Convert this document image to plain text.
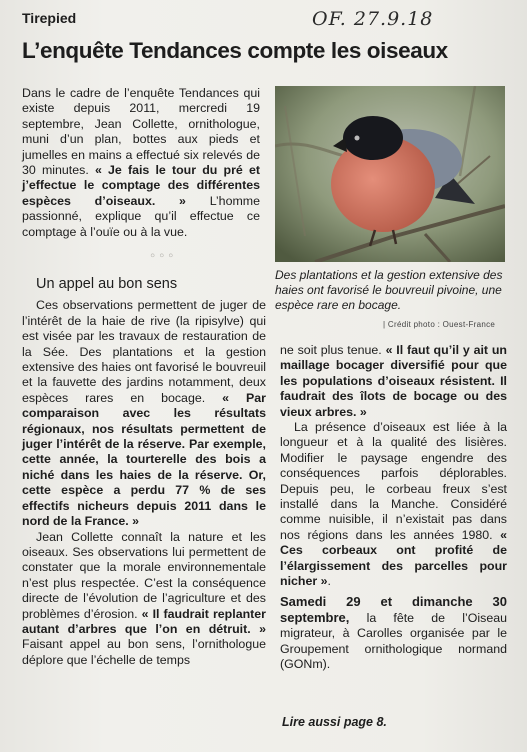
◦ ◦ ◦
Tirepied	OF. 27.9.18
L’enquête Tendances compte les oiseaux

Dans le cadre de l’enquête Tendances qui existe depuis 2011, mercredi 19 septembre, Jean Collette, ornithologue, muni d’un plan, bottes aux pieds et jumelles en mains a effectué six relevés de 30 minutes. « Je fais le tour du pré et j’effectue le comptage des différentes espèces d’oiseaux. » L’homme passionné, explique qu’il effectue ce comptage à l’ouïe ou à la vue.

Un appel au bon sens

Ces observations permettent de juger de l’intérêt de la haie de rive (la ripisylve) qui est visée par les travaux de restauration de la Sée. Des plantations et la gestion extensive des haies ont favorisé le bouvreuil et la fauvette des jardins notamment, deux espèces rares en bocage. « Par comparaison avec les résultats régionaux, nos résultats permettent de juger l’intérêt de la réserve. Par exemple, cette année, la tourterelle des bois a niché dans les haies de la réserve. Or, cette espèce a perdu 77 % de ses effectifs nicheurs depuis 2011 dans le nord de la France. »

Jean Collette connaît la nature et les oiseaux. Ses observations lui permettent de constater que la morale environnementale n’est plus respectée. C’est la conséquence directe de l’évolution de l’agriculture et des problèmes d’érosion. « Il faudrait replanter autant d’arbres que l’on en détruit. » Faisant appel au bon sens, l’ornithologue déplore que l’échelle de temps

Des plantations et la gestion extensive des haies ont favorisé le bouvreuil pivoine, une espèce rare en bocage.
| Crédit photo : Ouest-France

ne soit plus tenue. « Il faut qu’il y ait un maillage bocager diversifié pour que les populations d’oiseaux résistent. Il faudrait des îlots de bocage ou des vieux arbres. »

La présence d’oiseaux est liée à la longueur et à la qualité des lisières. Modifier le paysage engendre des conséquences parfois déplorables. Depuis peu, le corbeau freux s’est installé dans la Manche. Considéré comme nuisible, il n’existait pas dans nos régions dans les années 1980. « Ces corbeaux ont profité de l’élargissement des parcelles pour nicher ».

Samedi 29 et dimanche 30 septembre, la fête de l’Oiseau migrateur, à Carolles organisée par le Groupement ornithologique normand (GONm).

Lire aussi page 8.
